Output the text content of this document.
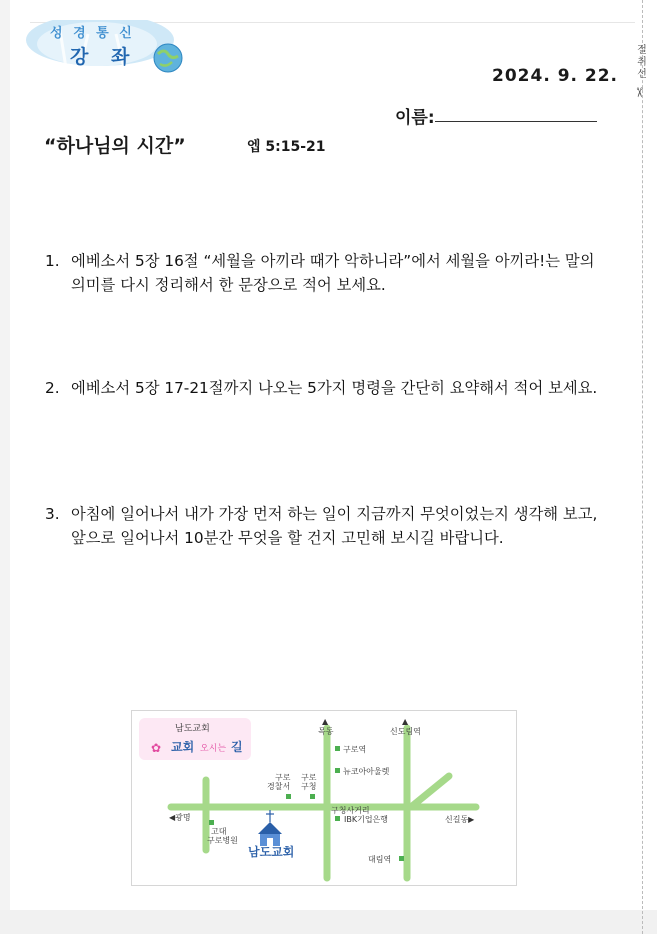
절취선
✂
성 경 통 신
강 좌
2024. 9. 22.
이름:
“하나님의 시간”	엡 5:15-21
1. 에베소서 5장 16절 “세월을 아끼라 때가 악하니라”에서 세월을 아끼라!는 말의 의미를 다시 정리해서 한 문장으로 적어 보세요.
2. 에베소서 5장 17-21절까지 나오는 5가지 명령을 간단히 요약해서 적어 보세요.
3. 아침에 일어나서 내가 가장 먼저 하는 일이 지금까지 무엇이었는지 생각해 보고, 앞으로 일어나서 10분간 무엇을 할 건지 고민해 보시길 바랍니다.
✿
남도교회
교회 오시는 길
▲	▲
목동	신도림역
구로역
뉴코아아울렛
구로
경찰서
구로
구청
구청사거리
◀광명
고대
구로병원
IBK기업은행	신길동▶
대림역
남도교회
